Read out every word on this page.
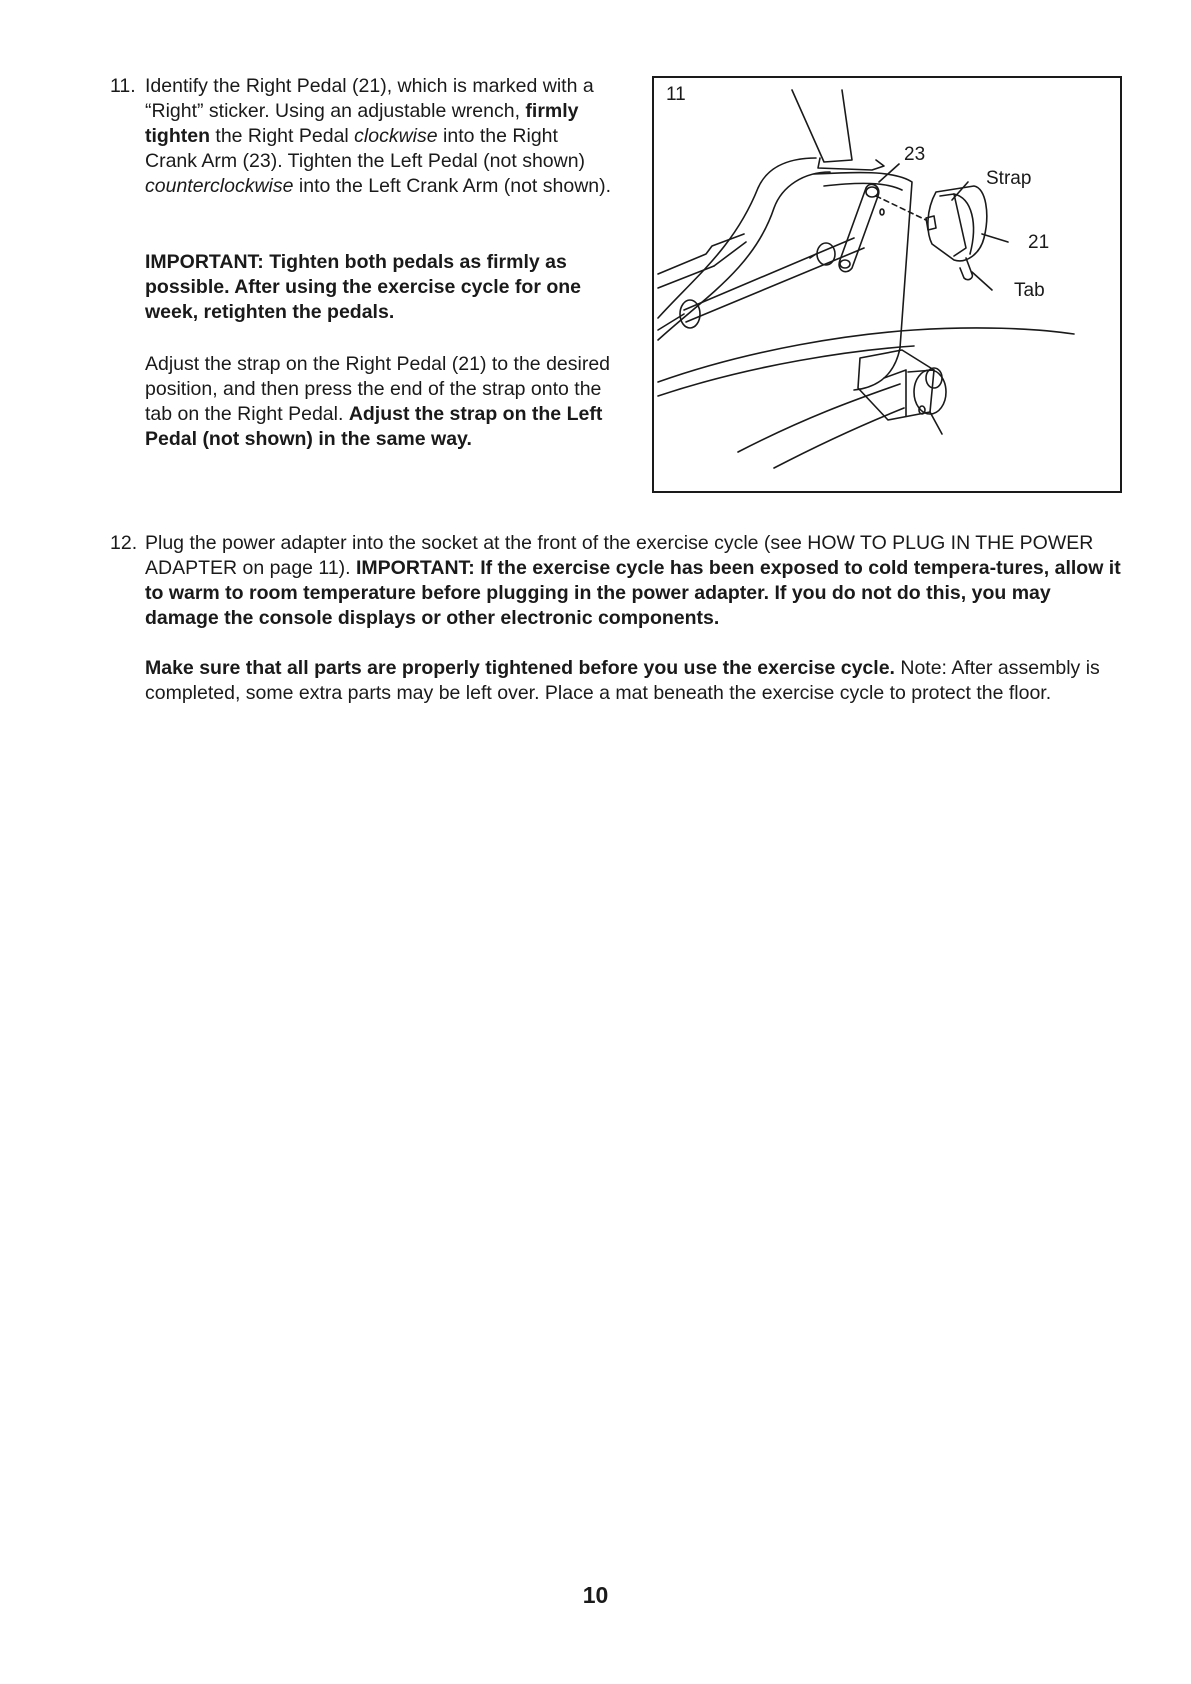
11. Identify the Right Pedal (21), which is marked with a “Right” sticker. Using an adjustable wrench, firmly tighten the Right Pedal clockwise into the Right Crank Arm (23). Tighten the Left Pedal (not shown) counterclockwise into the Left Crank Arm (not shown).

IMPORTANT: Tighten both pedals as firmly as possible. After using the exercise cycle for one week, retighten the pedals.

Adjust the strap on the Right Pedal (21) to the desired position, and then press the end of the strap onto the tab on the Right Pedal. Adjust the strap on the Left Pedal (not shown) in the same way.

11
23
Strap
21
Tab
12. Plug the power adapter into the socket at the front of the exercise cycle (see HOW TO PLUG IN THE POWER ADAPTER on page 11). IMPORTANT: If the exercise cycle has been exposed to cold tempera-tures, allow it to warm to room temperature before plugging in the power adapter. If you do not do this, you may damage the console displays or other electronic components.

Make sure that all parts are properly tightened before you use the exercise cycle. Note: After assembly is completed, some extra parts may be left over. Place a mat beneath the exercise cycle to protect the floor.

10
